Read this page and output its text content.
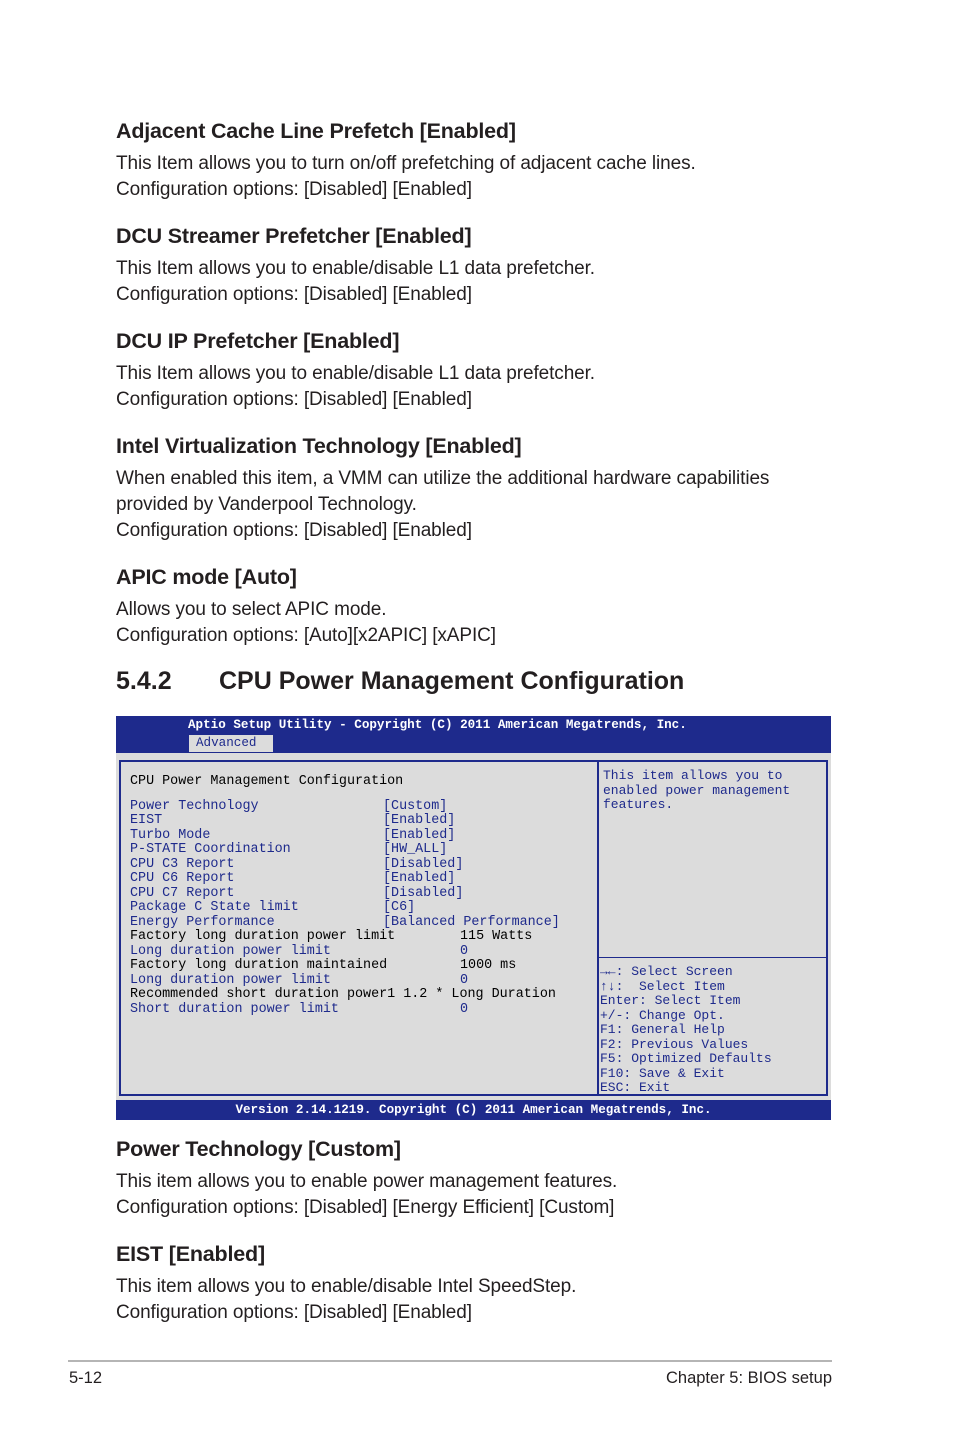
Adjacent Cache Line Prefetch [Enabled]

This Item allows you to turn on/off prefetching of adjacent cache lines.

Configuration options: [Disabled] [Enabled]

DCU Streamer Prefetcher [Enabled]

This Item allows you to enable/disable L1 data prefetcher.

Configuration options: [Disabled] [Enabled]

DCU IP Prefetcher [Enabled]

This Item allows you to enable/disable L1 data prefetcher.

Configuration options: [Disabled] [Enabled]

Intel Virtualization Technology [Enabled]

When enabled this item, a VMM can utilize the additional hardware capabilities

provided by Vanderpool Technology.

Configuration options: [Disabled] [Enabled]

APIC mode [Auto]

Allows you to select APIC mode.

Configuration options: [Auto][x2APIC] [xAPIC]

5.4.2 CPU Power Management Configuration
Aptio Setup Utility - Copyright (C) 2011 American Megatrends, Inc.
Advanced
CPU Power Management Configuration
Power Technology	[Custom]
EIST	[Enabled]
Turbo Mode	[Enabled]
P-STATE Coordination	[HW_ALL]
CPU C3 Report	[Disabled]
CPU C6 Report	[Enabled]
CPU C7 Report	[Disabled]
Package C State limit	[C6]
Energy Performance	[Balanced Performance]
Factory long duration power limit	115 Watts
Long duration power limit	0
Factory long duration maintained	1000 ms
Long duration power limit	0
Recommended short duration power1 1.2 * Long Duration
Short duration power limit	0
This item allows you to
enabled power management
features.
→←: Select Screen
↑↓:  Select Item
Enter: Select Item
+/-: Change Opt.
F1: General Help
F2: Previous Values
F5: Optimized Defaults
F10: Save & Exit
ESC: Exit
Version 2.14.1219. Copyright (C) 2011 American Megatrends, Inc.
Power Technology [Custom]

This item allows you to enable power management features.

Configuration options: [Disabled] [Energy Efficient] [Custom]

EIST [Enabled]

This item allows you to enable/disable Intel SpeedStep.

Configuration options: [Disabled] [Enabled]

5-12	Chapter 5: BIOS setup
